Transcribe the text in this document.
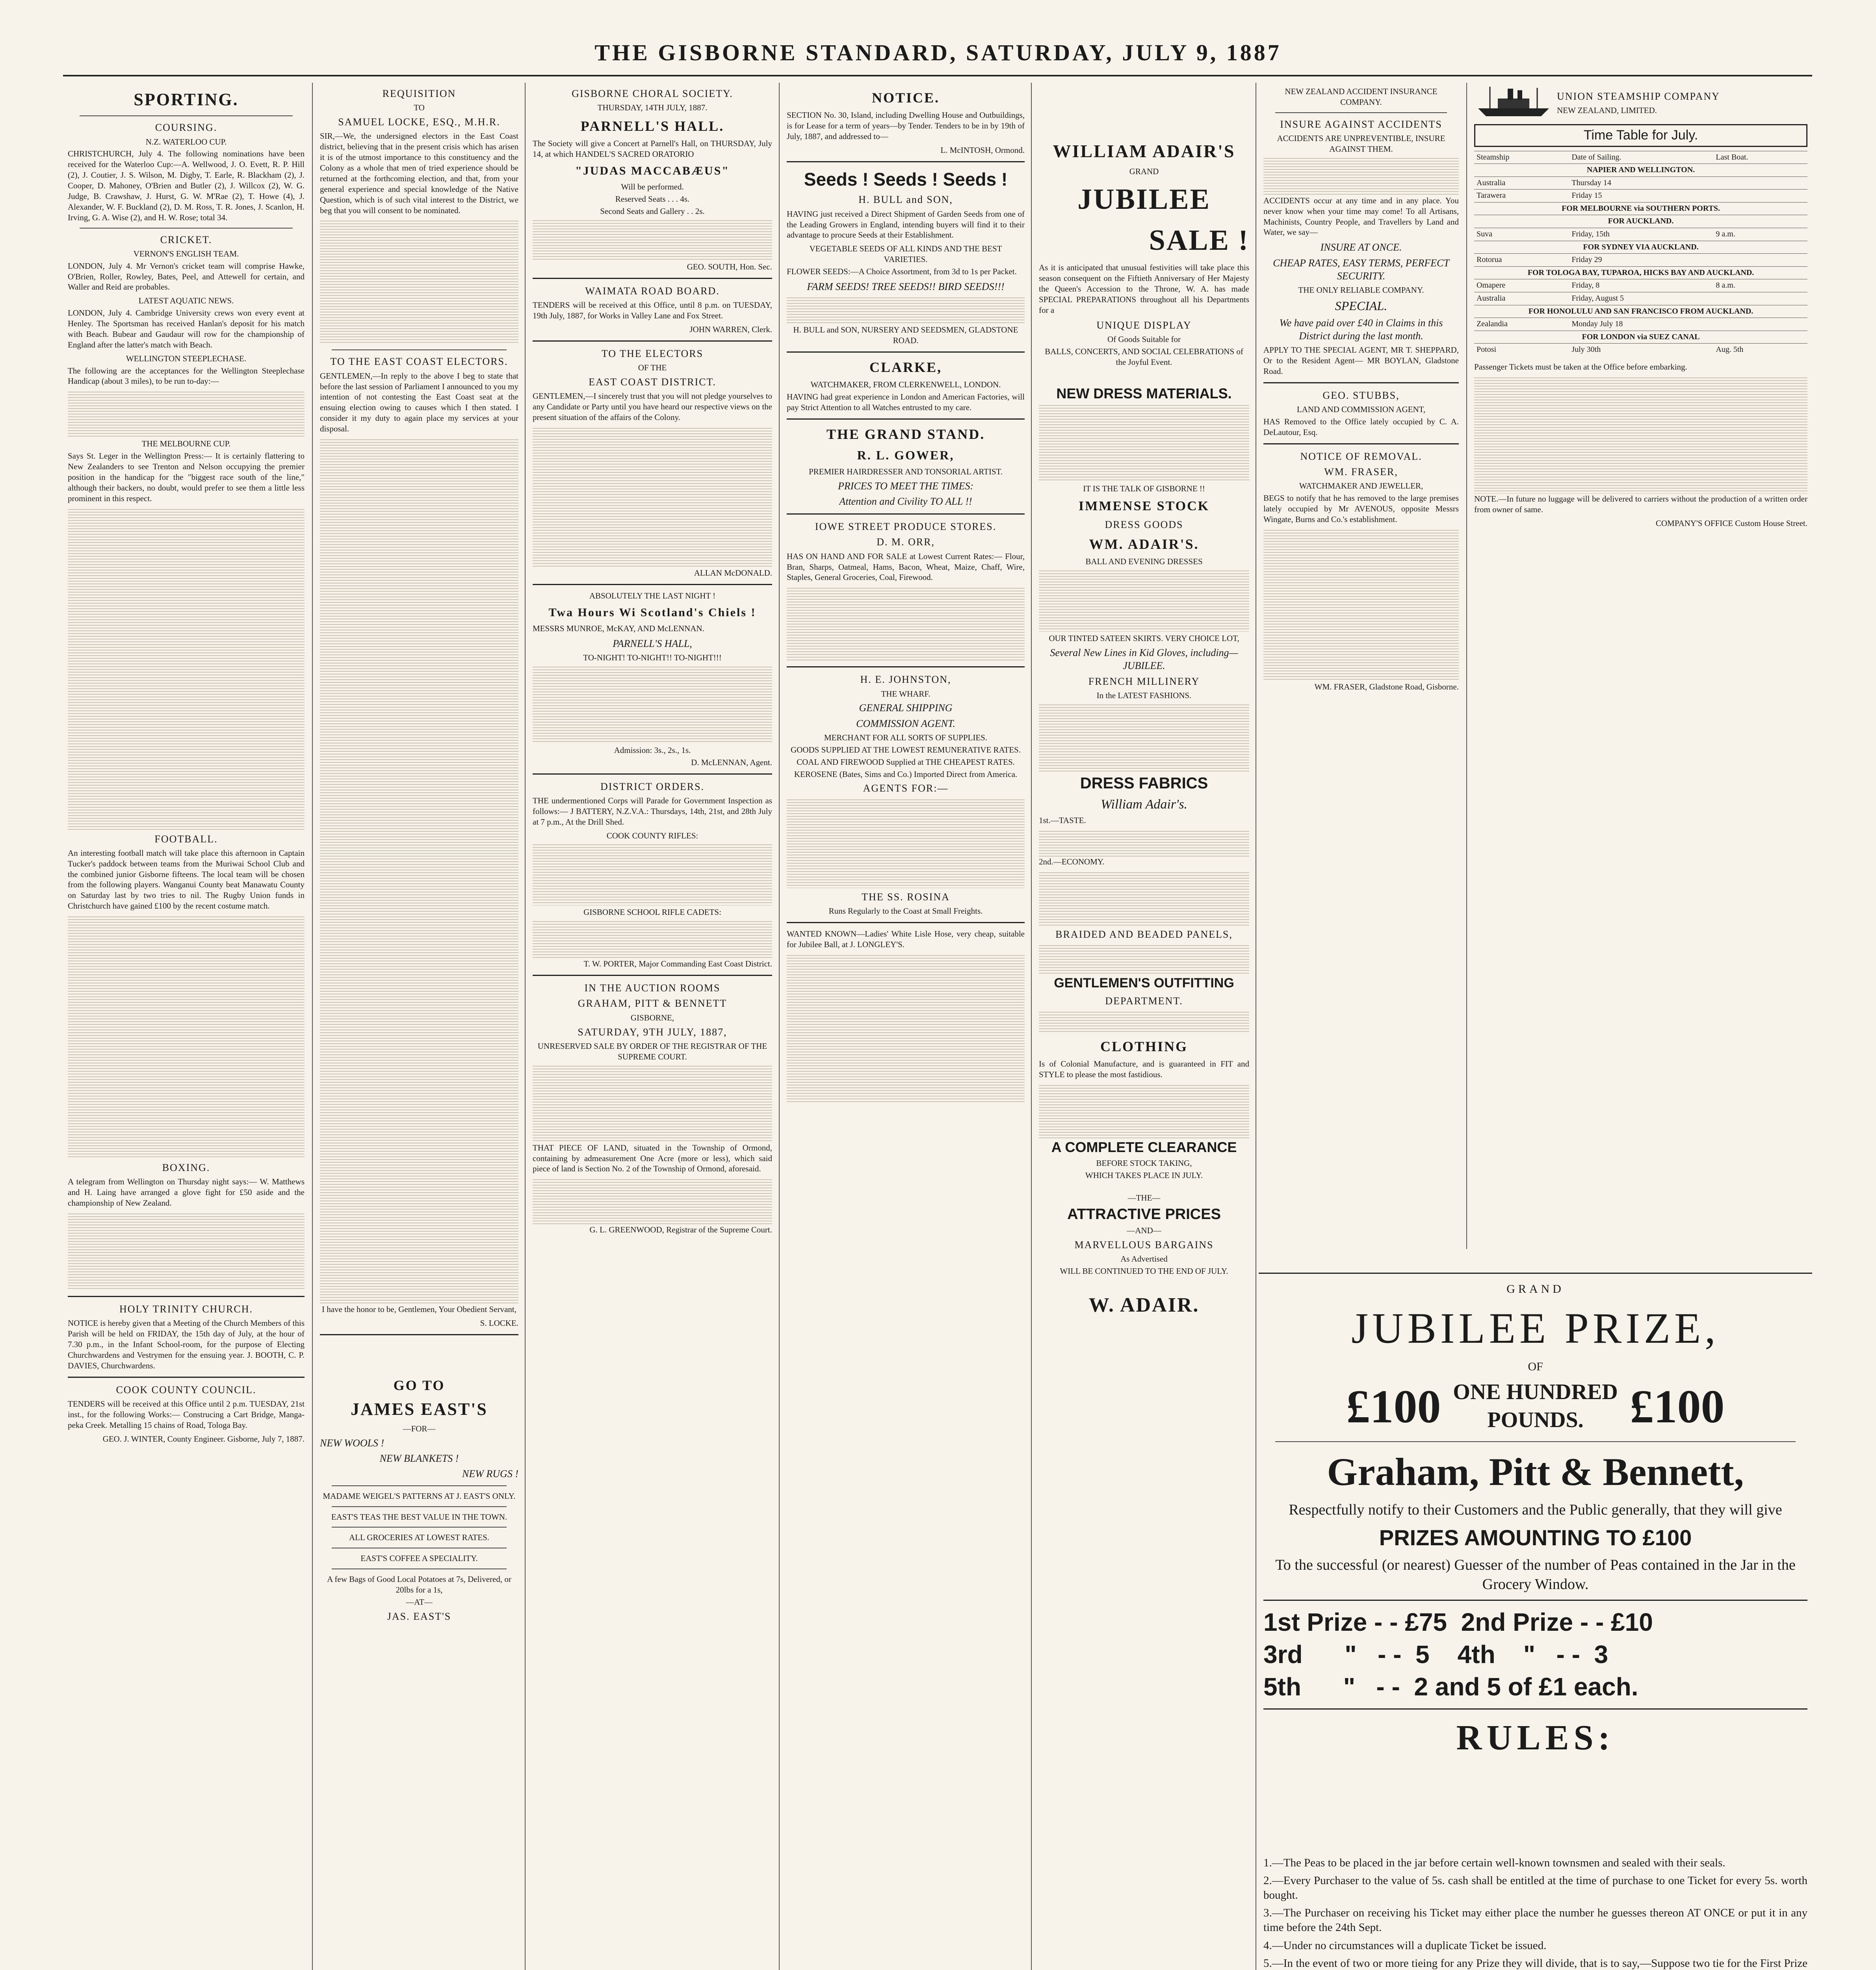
THE GISBORNE STANDARD, SATURDAY, JULY 9, 1887
SPORTING.
COURSING.
N.Z. WATERLOO CUP.

CHRISTCHURCH, July 4. The following nominations have been received for the Waterloo Cup:—A. Wellwood, J. O. Evett, R. P. Hill (2), J. Coutier, J. S. Wilson, M. Digby, T. Earle, R. Blackham (2), J. Cooper, D. Mahoney, O'Brien and Butler (2), J. Willcox (2), W. G. Judge, B. Crawshaw, J. Hurst, G. W. M'Rae (2), T. Howe (4), J. Alexander, W. F. Buckland (2), D. M. Ross, T. R. Jones, J. Scanlon, H. Irving, G. A. Wise (2), and H. W. Rose; total 34.

CRICKET.
VERNON'S ENGLISH TEAM.

LONDON, July 4. Mr Vernon's cricket team will comprise Hawke, O'Brien, Roller, Rowley, Bates, Peel, and Attewell for certain, and Waller and Reid are probables.

LATEST AQUATIC NEWS.

LONDON, July 4. Cambridge University crews won every event at Henley. The Sportsman has received Hanlan's deposit for his match with Beach. Bubear and Gaudaur will row for the championship of England after the latter's match with Beach.

WELLINGTON STEEPLECHASE.

The following are the acceptances for the Wellington Steeplechase Handicap (about 3 miles), to be run to-day:—

THE MELBOURNE CUP.

Says St. Leger in the Wellington Press:— It is certainly flattering to New Zealanders to see Trenton and Nelson occupying the premier position in the handicap for the "biggest race south of the line," although their backers, no doubt, would prefer to see them a little less prominent in this respect.

FOOTBALL.

An interesting football match will take place this afternoon in Captain Tucker's paddock between teams from the Muriwai School Club and the combined junior Gisborne fifteens. The local team will be chosen from the following players. Wanganui County beat Manawatu County on Saturday last by two tries to nil. The Rugby Union funds in Christchurch have gained £100 by the recent costume match.

BOXING.

A telegram from Wellington on Thursday night says:— W. Matthews and H. Laing have arranged a glove fight for £50 aside and the championship of New Zealand.

HOLY TRINITY CHURCH.

NOTICE is hereby given that a Meeting of the Church Members of this Parish will be held on FRIDAY, the 15th day of July, at the hour of 7.30 p.m., in the Infant School-room, for the purpose of Electing Churchwardens and Vestrymen for the ensuing year. J. BOOTH, C. P. DAVIES, Churchwardens.

COOK COUNTY COUNCIL.

TENDERS will be received at this Office until 2 p.m. TUESDAY, 21st inst., for the following Works:— Construcing a Cart Bridge, Manga-peka Creek. Metalling 15 chains of Road, Tologa Bay.

GEO. J. WINTER, County Engineer. Gisborne, July 7, 1887.

REQUISITION
TO
SAMUEL LOCKE, ESQ., M.H.R.

SIR,—We, the undersigned electors in the East Coast district, believing that in the present crisis which has arisen it is of the utmost importance to this constituency and the Colony as a whole that men of tried experience should be returned at the forthcoming election, and that, from your general experience and special knowledge of the Native Question, which is of such vital interest to the District, we beg that you will consent to be nominated.

TO THE EAST COAST ELECTORS.

GENTLEMEN,—In reply to the above I beg to state that before the last session of Parliament I announced to you my intention of not contesting the East Coast seat at the ensuing election owing to causes which I then stated. I consider it my duty to again place my services at your disposal.

I have the honor to be, Gentlemen, Your Obedient Servant,

S. LOCKE.

GO TO
JAMES EAST'S
—FOR—
NEW WOOLS !
NEW BLANKETS !
NEW RUGS !
MADAME WEIGEL'S PATTERNS AT J. EAST'S ONLY.
EAST'S TEAS THE BEST VALUE IN THE TOWN.
ALL GROCERIES AT LOWEST RATES.
EAST'S COFFEE A SPECIALITY.
A few Bags of Good Local Potatoes at 7s, Delivered, or 20lbs for a 1s,
—AT—
JAS. EAST'S
GISBORNE CHORAL SOCIETY.
THURSDAY, 14TH JULY, 1887.
PARNELL'S HALL.

The Society will give a Concert at Parnell's Hall, on THURSDAY, July 14, at which HANDEL'S SACRED ORATORIO

"JUDAS MACCABÆUS"
Will be performed.
Reserved Seats . . . 4s.
Second Seats and Gallery . . 2s.

GEO. SOUTH, Hon. Sec.

WAIMATA ROAD BOARD.

TENDERS will be received at this Office, until 8 p.m. on TUESDAY, 19th July, 1887, for Works in Valley Lane and Fox Street.

JOHN WARREN, Clerk.

TO THE ELECTORS
OF THE
EAST COAST DISTRICT.

GENTLEMEN,—I sincerely trust that you will not pledge yourselves to any Candidate or Party until you have heard our respective views on the present situation of the affairs of the Colony.

ALLAN McDONALD.

ABSOLUTELY THE LAST NIGHT !
Twa Hours Wi Scotland's Chiels !

MESSRS MUNROE, McKAY, AND McLENNAN.

PARNELL'S HALL,
TO-NIGHT! TO-NIGHT!! TO-NIGHT!!!
Admission: 3s., 2s., 1s.

D. McLENNAN, Agent.

DISTRICT ORDERS.

THE undermentioned Corps will Parade for Government Inspection as follows:— J BATTERY, N.Z.V.A.: Thursdays, 14th, 21st, and 28th July at 7 p.m., At the Drill Shed.

COOK COUNTY RIFLES:
GISBORNE SCHOOL RIFLE CADETS:

T. W. PORTER, Major Commanding East Coast District.

IN THE AUCTION ROOMS
GRAHAM, PITT & BENNETT
GISBORNE,
SATURDAY, 9TH JULY, 1887,
UNRESERVED SALE BY ORDER OF THE REGISTRAR OF THE SUPREME COURT.

THAT PIECE OF LAND, situated in the Township of Ormond, containing by admeasurement One Acre (more or less), which said piece of land is Section No. 2 of the Township of Ormond, aforesaid.

G. L. GREENWOOD, Registrar of the Supreme Court.

NOTICE.

SECTION No. 30, Island, including Dwelling House and Outbuildings, is for Lease for a term of years—by Tender. Tenders to be in by 19th of July, 1887, and addressed to—

L. McINTOSH, Ormond.

Seeds ! Seeds ! Seeds !
H. BULL and SON,

HAVING just received a Direct Shipment of Garden Seeds from one of the Leading Growers in England, intending buyers will find it to their advantage to procure Seeds at their Establishment.

VEGETABLE SEEDS OF ALL KINDS AND THE BEST VARIETIES.

FLOWER SEEDS:—A Choice Assortment, from 3d to 1s per Packet.

FARM SEEDS! TREE SEEDS!! BIRD SEEDS!!!
H. BULL and SON, NURSERY AND SEEDSMEN, GLADSTONE ROAD.
CLARKE,
WATCHMAKER, FROM CLERKENWELL, LONDON.

HAVING had great experience in London and American Factories, will pay Strict Attention to all Watches entrusted to my care.

THE GRAND STAND.
R. L. GOWER,
PREMIER HAIRDRESSER AND TONSORIAL ARTIST.
PRICES TO MEET THE TIMES:
Attention and Civility TO ALL !!
IOWE STREET PRODUCE STORES.
D. M. ORR,

HAS ON HAND AND FOR SALE at Lowest Current Rates:— Flour, Bran, Sharps, Oatmeal, Hams, Bacon, Wheat, Maize, Chaff, Wire, Staples, General Groceries, Coal, Firewood.

H. E. JOHNSTON,
THE WHARF.
GENERAL SHIPPING
COMMISSION AGENT.
MERCHANT FOR ALL SORTS OF SUPPLIES.
GOODS SUPPLIED AT THE LOWEST REMUNERATIVE RATES.
COAL AND FIREWOOD Supplied at THE CHEAPEST RATES.
KEROSENE (Bates, Sims and Co.) Imported Direct from America.
AGENTS FOR:—
THE SS. ROSINA
Runs Regularly to the Coast at Small Freights.

WANTED KNOWN—Ladies' White Lisle Hose, very cheap, suitable for Jubilee Ball, at J. LONGLEY'S.

WILLIAM ADAIR'S
GRAND
JUBILEE
SALE !

As it is anticipated that unusual festivities will take place this season consequent on the Fiftieth Anniversary of Her Majesty the Queen's Accession to the Throne, W. A. has made SPECIAL PREPARATIONS throughout all his Departments for a

UNIQUE DISPLAY
Of Goods Suitable for
BALLS, CONCERTS, AND SOCIAL CELEBRATIONS of the Joyful Event.
NEW DRESS MATERIALS.
IT IS THE TALK OF GISBORNE !!
IMMENSE STOCK
DRESS GOODS
WM. ADAIR'S.
BALL AND EVENING DRESSES
OUR TINTED SATEEN SKIRTS. VERY CHOICE LOT,
Several New Lines in Kid Gloves, including—JUBILEE.
FRENCH MILLINERY
In the LATEST FASHIONS.
DRESS FABRICS
William Adair's.

1st.—TASTE.

2nd.—ECONOMY.

BRAIDED AND BEADED PANELS,
GENTLEMEN'S OUTFITTING
DEPARTMENT.
CLOTHING

Is of Colonial Manufacture, and is guaranteed in FIT and STYLE to please the most fastidious.

A COMPLETE CLEARANCE
BEFORE STOCK TAKING,
WHICH TAKES PLACE IN JULY.
—THE—
ATTRACTIVE PRICES
—AND—
MARVELLOUS BARGAINS
As Advertised
WILL BE CONTINUED TO THE END OF JULY.
W. ADAIR.
NEW ZEALAND ACCIDENT INSURANCE COMPANY.
INSURE AGAINST ACCIDENTS
ACCIDENTS ARE UNPREVENTIBLE, INSURE AGAINST THEM.

ACCIDENTS occur at any time and in any place. You never know when your time may come! To all Artisans, Machinists, Country People, and Travellers by Land and Water, we say—

INSURE AT ONCE.
CHEAP RATES, EASY TERMS, PERFECT SECURITY.
THE ONLY RELIABLE COMPANY.
SPECIAL.
We have paid over £40 in Claims in this District during the last month.

APPLY TO THE SPECIAL AGENT, MR T. SHEPPARD, Or to the Resident Agent— MR BOYLAN, Gladstone Road.

GEO. STUBBS,
LAND AND COMMISSION AGENT,

HAS Removed to the Office lately occupied by C. A. DeLautour, Esq.

NOTICE OF REMOVAL.
WM. FRASER,
WATCHMAKER AND JEWELLER,

BEGS to notify that he has removed to the large premises lately occupied by Mr AVENOUS, opposite Messrs Wingate, Burns and Co.'s establishment.

WM. FRASER, Gladstone Road, Gisborne.

UNION STEAMSHIP COMPANY
NEW ZEALAND, LIMITED.
Time Table for July.
Steamship	Date of Sailing.	Last Boat.
NAPIER AND WELLINGTON.		
Australia	Thursday 14	
Tarawera	Friday 15	
FOR MELBOURNE via SOUTHERN PORTS.		
FOR AUCKLAND.		
Suva	Friday, 15th	9 a.m.
FOR SYDNEY VIA AUCKLAND.		
Rotorua	Friday 29	
FOR TOLOGA BAY, TUPAROA, HICKS BAY AND AUCKLAND.		
Omapere	Friday, 8	8 a.m.
Australia	Friday, August 5	
FOR HONOLULU AND SAN FRANCISCO FROM AUCKLAND.		
Zealandia	Monday July 18	
FOR LONDON via SUEZ CANAL		
Potosi	July 30th	Aug. 5th

Passenger Tickets must be taken at the Office before embarking.

NOTE.—In future no luggage will be delivered to carriers without the production of a written order from owner of same.

COMPANY'S OFFICE Custom House Street.

GRAND
JUBILEE PRIZE,
OF
£100 ONE HUNDRED POUNDS. £100
Graham, Pitt & Bennett,
Respectfully notify to their Customers and the Public generally, that they will give
PRIZES AMOUNTING TO £100
To the successful (or nearest) Guesser of the number of Peas contained in the Jar in the Grocery Window.
1st Prize - - £75  2nd Prize - - £10
3rd      "   - -  5    4th    "   - -  3
5th      "   - -  2 and 5 of £1 each.
RULES:

1.—The Peas to be placed in the jar before certain well-known townsmen and sealed with their seals.

2.—Every Purchaser to the value of 5s. cash shall be entitled at the time of purchase to one Ticket for every 5s. worth bought.

3.—The Purchaser on receiving his Ticket may either place the number he guesses thereon AT ONCE or put it in any time before the 24th Sept.

4.—Under no circumstances will a duplicate Ticket be issued.

5.—In the event of two or more tieing for any Prize they will divide, that is to say,—Suppose two tie for the First Prize
